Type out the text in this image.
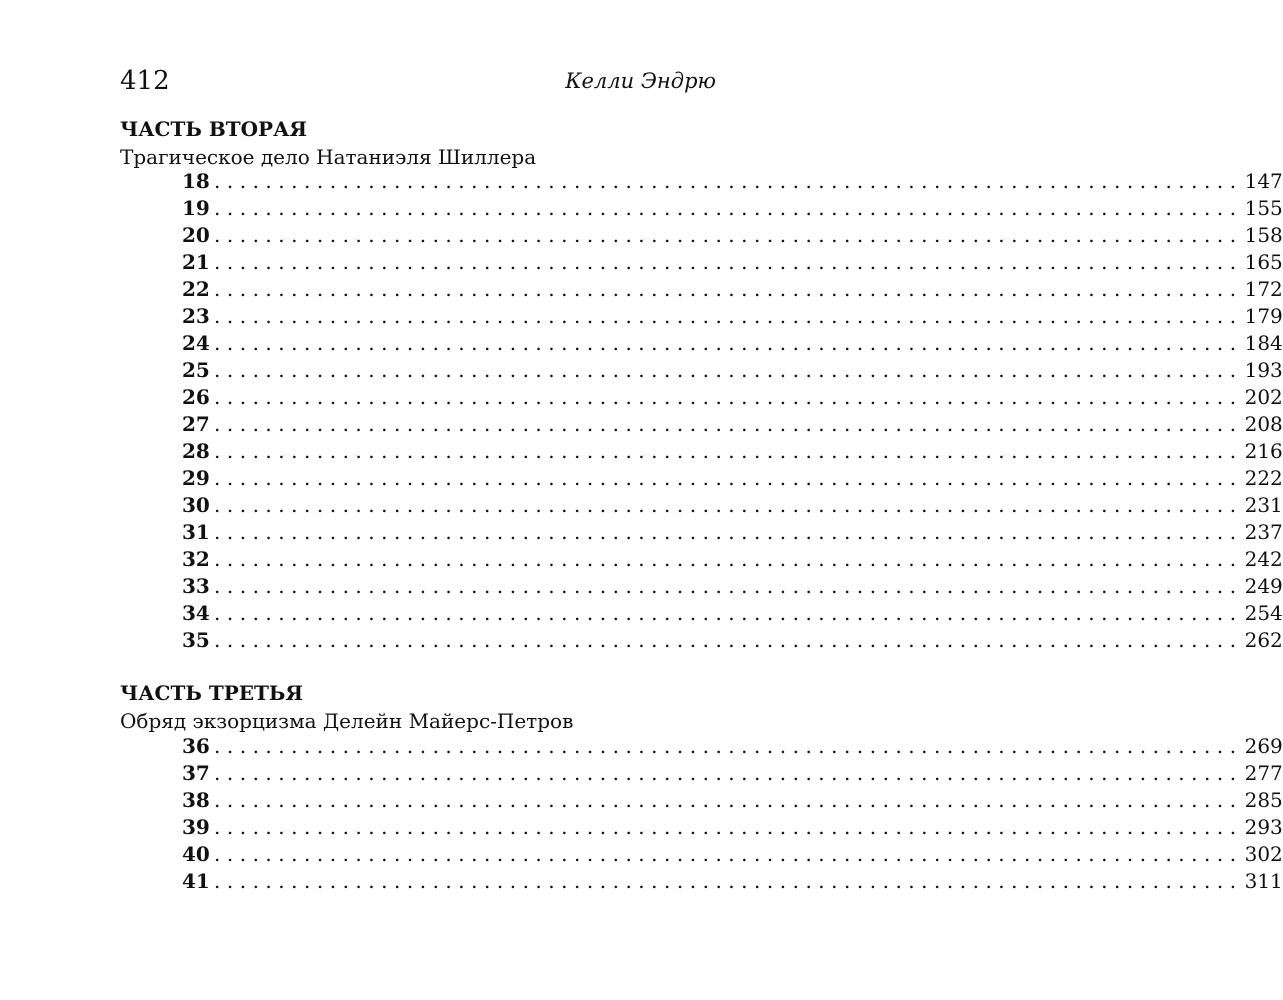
412	Келли Эндрю
ЧАСТЬ ВТОРАЯ
Трагическое дело Натаниэля Шиллера
18 ................................................................................ 147
19 ................................................................................ 155
20 ................................................................................ 158
21 ................................................................................ 165
22 ................................................................................ 172
23 ................................................................................ 179
24 ................................................................................ 184
25 ................................................................................ 193
26 ................................................................................ 202
27 ................................................................................ 208
28 ................................................................................ 216
29 ................................................................................ 222
30 ................................................................................ 231
31 ................................................................................ 237
32 ................................................................................ 242
33 ................................................................................ 249
34 ................................................................................ 254
35 ................................................................................ 262
ЧАСТЬ ТРЕТЬЯ
Обряд экзорцизма Делейн Майерс-Петров
36 ................................................................................ 269
37 ................................................................................ 277
38 ................................................................................ 285
39 ................................................................................ 293
40 ................................................................................ 302
41 ................................................................................ 311
